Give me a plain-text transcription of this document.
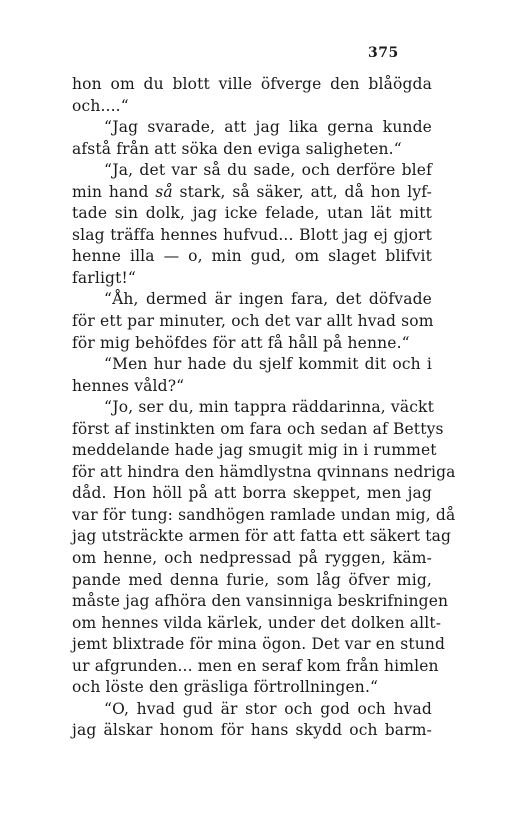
375
hon om du blott ville öfverge den blåögda
och....“
“Jag svarade, att jag lika gerna kunde
afstå från att söka den eviga saligheten.“
“Ja, det var så du sade, och derföre blef
min hand så stark, så säker, att, då hon lyf-
tade sin dolk, jag icke felade, utan lät mitt
slag träffa hennes hufvud... Blott jag ej gjort
henne illa — o, min gud, om slaget blifvit
farligt!“
“Åh, dermed är ingen fara, det döfvade
för ett par minuter, och det var allt hvad som
för mig behöfdes för att få håll på henne.“
“Men hur hade du sjelf kommit dit och i
hennes våld?“
“Jo, ser du, min tappra räddarinna, väckt
först af instinkten om fara och sedan af Bettys
meddelande hade jag smugit mig in i rummet
för att hindra den hämdlystna qvinnans nedriga
dåd. Hon höll på att borra skeppet, men jag
var för tung: sandhögen ramlade undan mig, då
jag utsträckte armen för att fatta ett säkert tag
om henne, och nedpressad på ryggen, käm-
pande med denna furie, som låg öfver mig,
måste jag afhöra den vansinniga beskrifningen
om hennes vilda kärlek, under det dolken allt-
jemt blixtrade för mina ögon. Det var en stund
ur afgrunden... men en seraf kom från himlen
och löste den gräsliga förtrollningen.“
“O, hvad gud är stor och god och hvad
jag älskar honom för hans skydd och barm-
